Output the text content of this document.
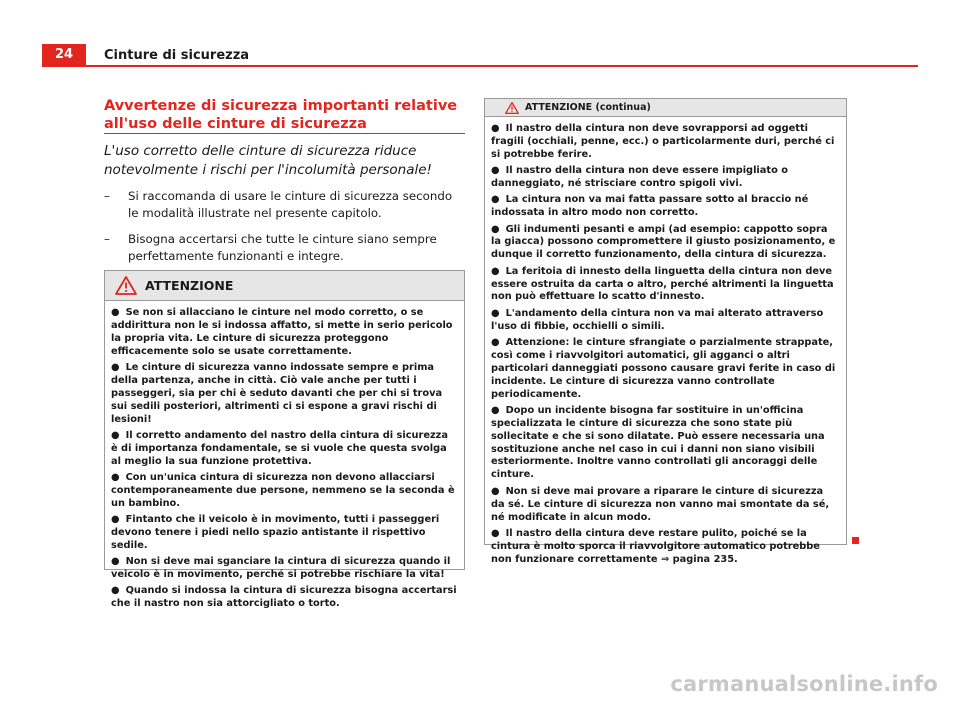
24	Cinture di sicurezza
Avvertenze di sicurezza importanti relative all'uso delle cinture di sicurezza
L'uso corretto delle cinture di sicurezza riduce notevolmente i rischi per l'incolumità personale!
– Si raccomanda di usare le cinture di sicurezza secondo le modalità illustrate nel presente capitolo.
– Bisogna accertarsi che tutte le cinture siano sempre perfettamente funzionanti e integre.
ATTENZIONE
● Se non si allacciano le cinture nel modo corretto, o se addirittura non le si indossa affatto, si mette in serio pericolo la propria vita. Le cinture di sicurezza proteggono efficacemente solo se usate correttamente.
● Le cinture di sicurezza vanno indossate sempre e prima della partenza, anche in città. Ciò vale anche per tutti i passeggeri, sia per chi è seduto davanti che per chi si trova sui sedili posteriori, altrimenti ci si espone a gravi rischi di lesioni!
● Il corretto andamento del nastro della cintura di sicurezza è di importanza fondamentale, se si vuole che questa svolga al meglio la sua funzione protettiva.
● Con un'unica cintura di sicurezza non devono allacciarsi contemporaneamente due persone, nemmeno se la seconda è un bambino.
● Fintanto che il veicolo è in movimento, tutti i passeggeri devono tenere i piedi nello spazio antistante il rispettivo sedile.
● Non si deve mai sganciare la cintura di sicurezza quando il veicolo è in movimento, perché si potrebbe rischiare la vita!
● Quando si indossa la cintura di sicurezza bisogna accertarsi che il nastro non sia attorcigliato o torto.
ATTENZIONE (continua)
● Il nastro della cintura non deve sovrapporsi ad oggetti fragili (occhiali, penne, ecc.) o particolarmente duri, perché ci si potrebbe ferire.
● Il nastro della cintura non deve essere impigliato o danneggiato, né strisciare contro spigoli vivi.
● La cintura non va mai fatta passare sotto al braccio né indossata in altro modo non corretto.
● Gli indumenti pesanti e ampi (ad esempio: cappotto sopra la giacca) possono compromettere il giusto posizionamento, e dunque il corretto funzionamento, della cintura di sicurezza.
● La feritoia di innesto della linguetta della cintura non deve essere ostruita da carta o altro, perché altrimenti la linguetta non può effettuare lo scatto d'innesto.
● L'andamento della cintura non va mai alterato attraverso l'uso di fibbie, occhielli o simili.
● Attenzione: le cinture sfrangiate o parzialmente strappate, così come i riavvolgitori automatici, gli agganci o altri particolari danneggiati possono causare gravi ferite in caso di incidente. Le cinture di sicurezza vanno controllate periodicamente.
● Dopo un incidente bisogna far sostituire in un'officina specializzata le cinture di sicurezza che sono state più sollecitate e che si sono dilatate. Può essere necessaria una sostituzione anche nel caso in cui i danni non siano visibili esteriormente. Inoltre vanno controllati gli ancoraggi delle cinture.
● Non si deve mai provare a riparare le cinture di sicurezza da sé. Le cinture di sicurezza non vanno mai smontate da sé, né modificate in alcun modo.
● Il nastro della cintura deve restare pulito, poiché se la cintura è molto sporca il riavvolgitore automatico potrebbe non funzionare correttamente ⇒ pagina 235.
carmanualsonline.info
